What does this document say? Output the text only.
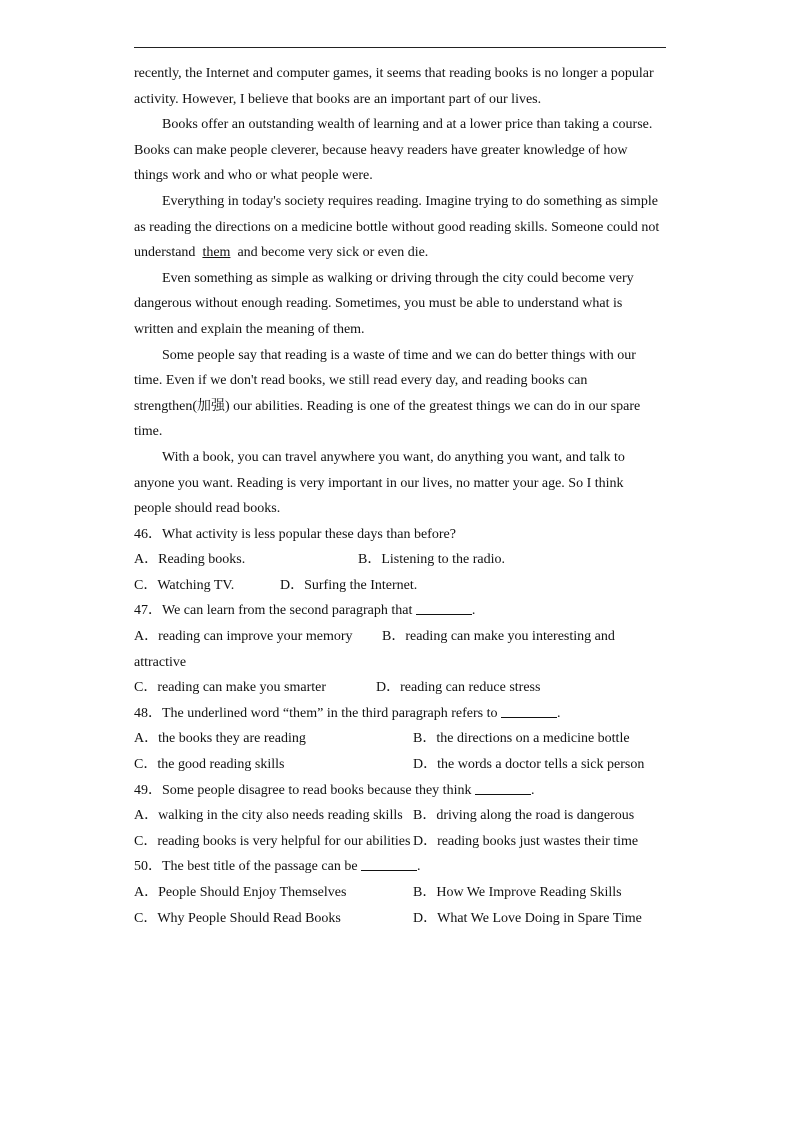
recently, the Internet and computer games, it seems that reading books is no longer a popular
activity. However, I believe that books are an important part of our lives.
Books offer an outstanding wealth of learning and at a lower price than taking a course.
Books can make people cleverer, because heavy readers have greater knowledge of how
things work and who or what people were.
Everything in today's society requires reading. Imagine trying to do something as simple
as reading the directions on a medicine bottle without good reading skills. Someone could not
understand  them  and become very sick or even die.
Even something as simple as walking or driving through the city could become very
dangerous without enough reading. Sometimes, you must be able to understand what is
written and explain the meaning of them.
Some people say that reading is a waste of time and we can do better things with our
time. Even if we don't read books, we still read every day, and reading books can
strengthen(加强) our abilities. Reading is one of the greatest things we can do in our spare
time.
With a book, you can travel anywhere you want, do anything you want, and talk to
anyone you want. Reading is very important in our lives, no matter your age. So I think
people should read books.
46．What activity is less popular these days than before?
A．Reading books.	B．Listening to the radio.
C．Watching TV.	D．Surfing the Internet.
47．We can learn from the second paragraph that	.
A．reading can improve your memory B．reading can make you interesting and
attractive
C．reading can make you smarter	D．reading can reduce stress
48．The underlined word “them” in the third paragraph refers to	.
A．the books they are reading	B．the directions on a medicine bottle
C．the good reading skills	D．the words a doctor tells a sick person
49．Some people disagree to read books because they think	.
A．walking in the city also needs reading skills B．driving along the road is dangerous
C．reading books is very helpful for our abilities D．reading books just wastes their time
50．The best title of the passage can be	.
A．People Should Enjoy Themselves	B．How We Improve Reading Skills
C．Why People Should Read Books	D．What We Love Doing in Spare Time
